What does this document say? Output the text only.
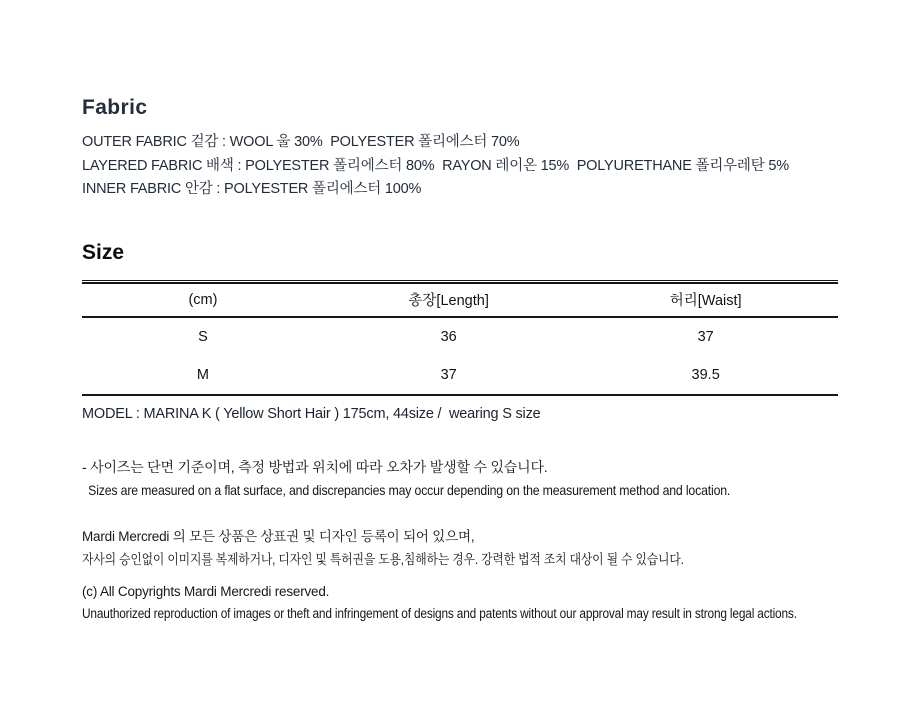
Fabric
OUTER FABRIC 겉감 : WOOL 울 30%  POLYESTER 폴리에스터 70%
LAYERED FABRIC 배색 : POLYESTER 폴리에스터 80%  RAYON 레이온 15%  POLYURETHANE 폴리우레탄 5%
INNER FABRIC 안감 : POLYESTER 폴리에스터 100%
Size
(cm)	총장[Length]	허리[Waist]
S	36	37
M	37	39.5
MODEL : MARINA K ( Yellow Short Hair ) 175cm, 44size /  wearing S size
- 사이즈는 단면 기준이며, 측정 방법과 위치에 따라 오차가 발생할 수 있습니다.
Sizes are measured on a flat surface, and discrepancies may occur depending on the measurement method and location.
Mardi Mercredi 의 모든 상품은 상표권 및 디자인 등록이 되어 있으며,
자사의 승인없이 이미지를 복제하거나, 디자인 및 특허권을 도용,침해하는 경우. 강력한 법적 조치 대상이 될 수 있습니다.
(c) All Copyrights Mardi Mercredi reserved.
Unauthorized reproduction of images or theft and infringement of designs and patents without our approval may result in strong legal actions.
